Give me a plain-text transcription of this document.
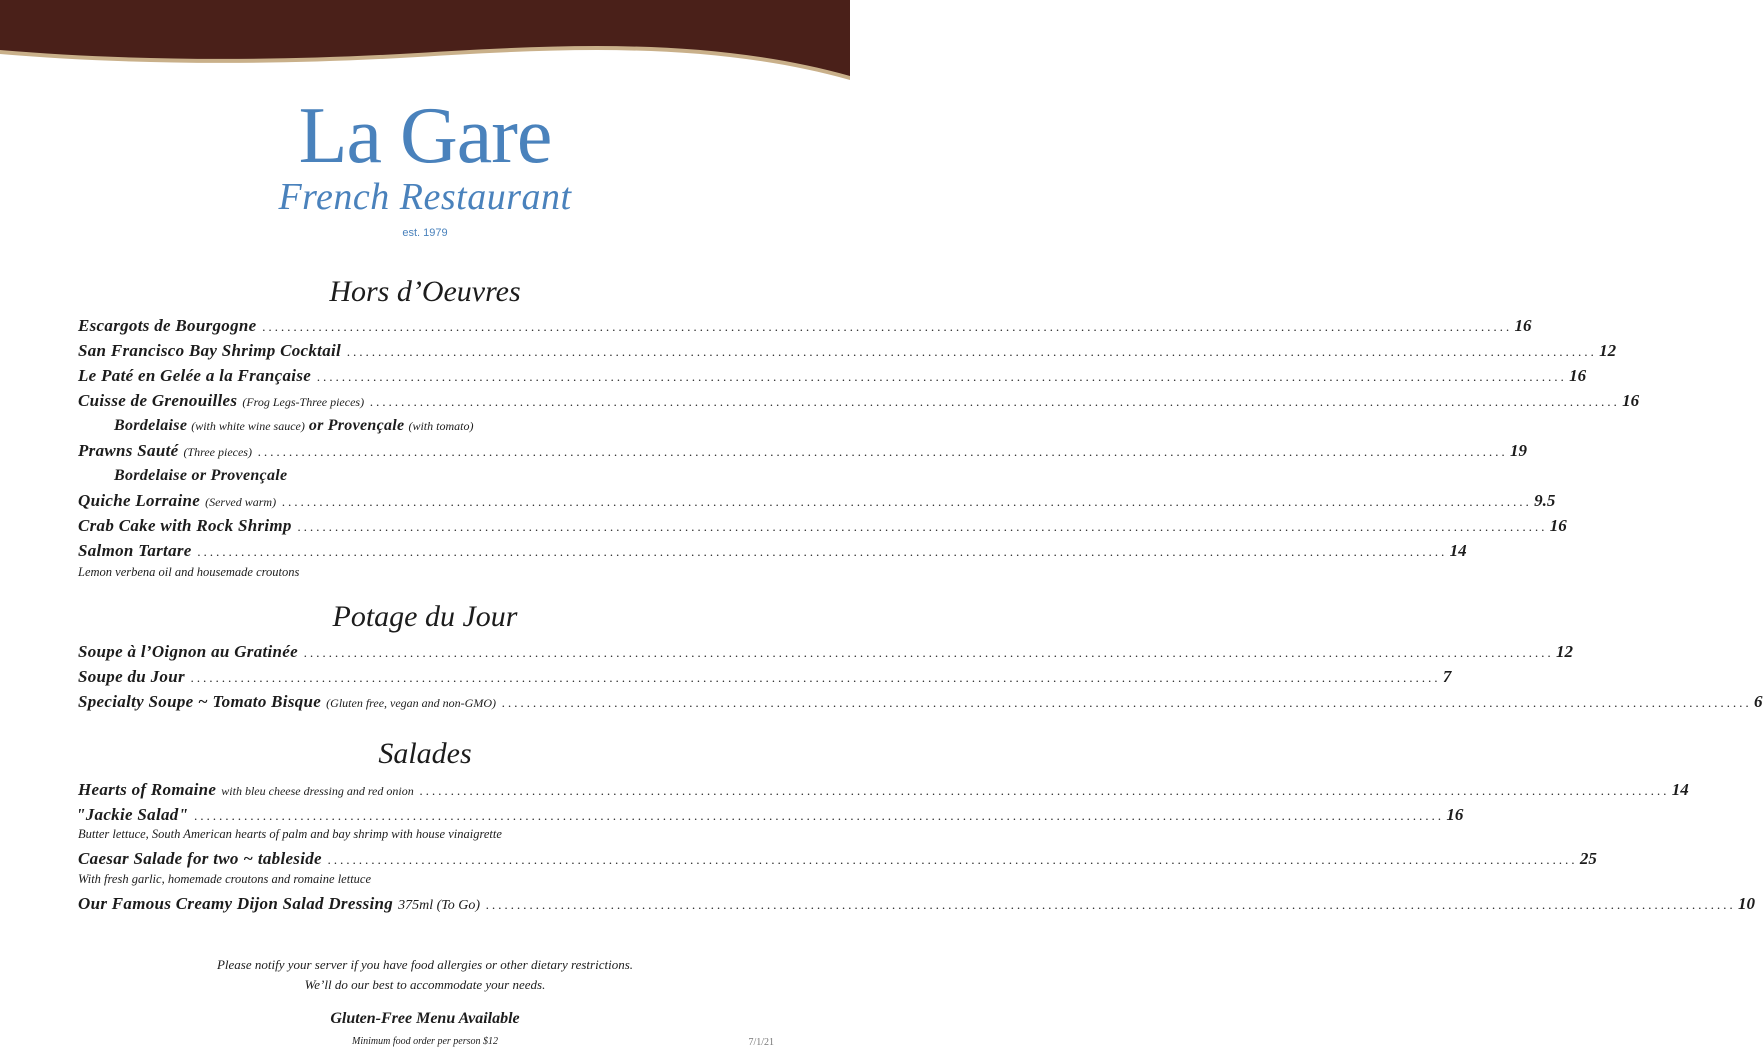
La Gare
French Restaurant
est. 1979
Hors d’Oeuvres
Escargots de Bourgogne ........................................................................................................................................................................................................ 16
San Francisco Bay Shrimp Cocktail ........................................................................................................................................................................................................ 12
Le Paté en Gelée a la Française ........................................................................................................................................................................................................ 16
Cuisse de Grenouilles (Frog Legs-Three pieces) ........................................................................................................................................................................................................ 16
Bordelaise (with white wine sauce) or Provençale (with tomato)
Prawns Sauté (Three pieces) ........................................................................................................................................................................................................ 19
Bordelaise or Provençale
Quiche Lorraine (Served warm) ........................................................................................................................................................................................................ 9.5
Crab Cake with Rock Shrimp ........................................................................................................................................................................................................ 16
Salmon Tartare ........................................................................................................................................................................................................ 14
Lemon verbena oil and housemade croutons
Potage du Jour
Soupe à l’Oignon au Gratinée ........................................................................................................................................................................................................ 12
Soupe du Jour ........................................................................................................................................................................................................ 7
Specialty Soupe ~ Tomato Bisque (Gluten free, vegan and non-GMO) ........................................................................................................................................................................................................ 6
Salades
Hearts of Romaine with bleu cheese dressing and red onion ........................................................................................................................................................................................................ 14
"Jackie Salad" ........................................................................................................................................................................................................ 16
Butter lettuce, South American hearts of palm and bay shrimp with house vinaigrette
Caesar Salade for two ~ tableside ........................................................................................................................................................................................................ 25
With fresh garlic, homemade croutons and romaine lettuce
Our Famous Creamy Dijon Salad Dressing 375ml (To Go) ........................................................................................................................................................................................................ 10
Please notify your server if you have food allergies or other dietary restrictions.
We’ll do our best to accommodate your needs.
Gluten-Free Menu Available
Minimum food order per person $12	7/1/21
